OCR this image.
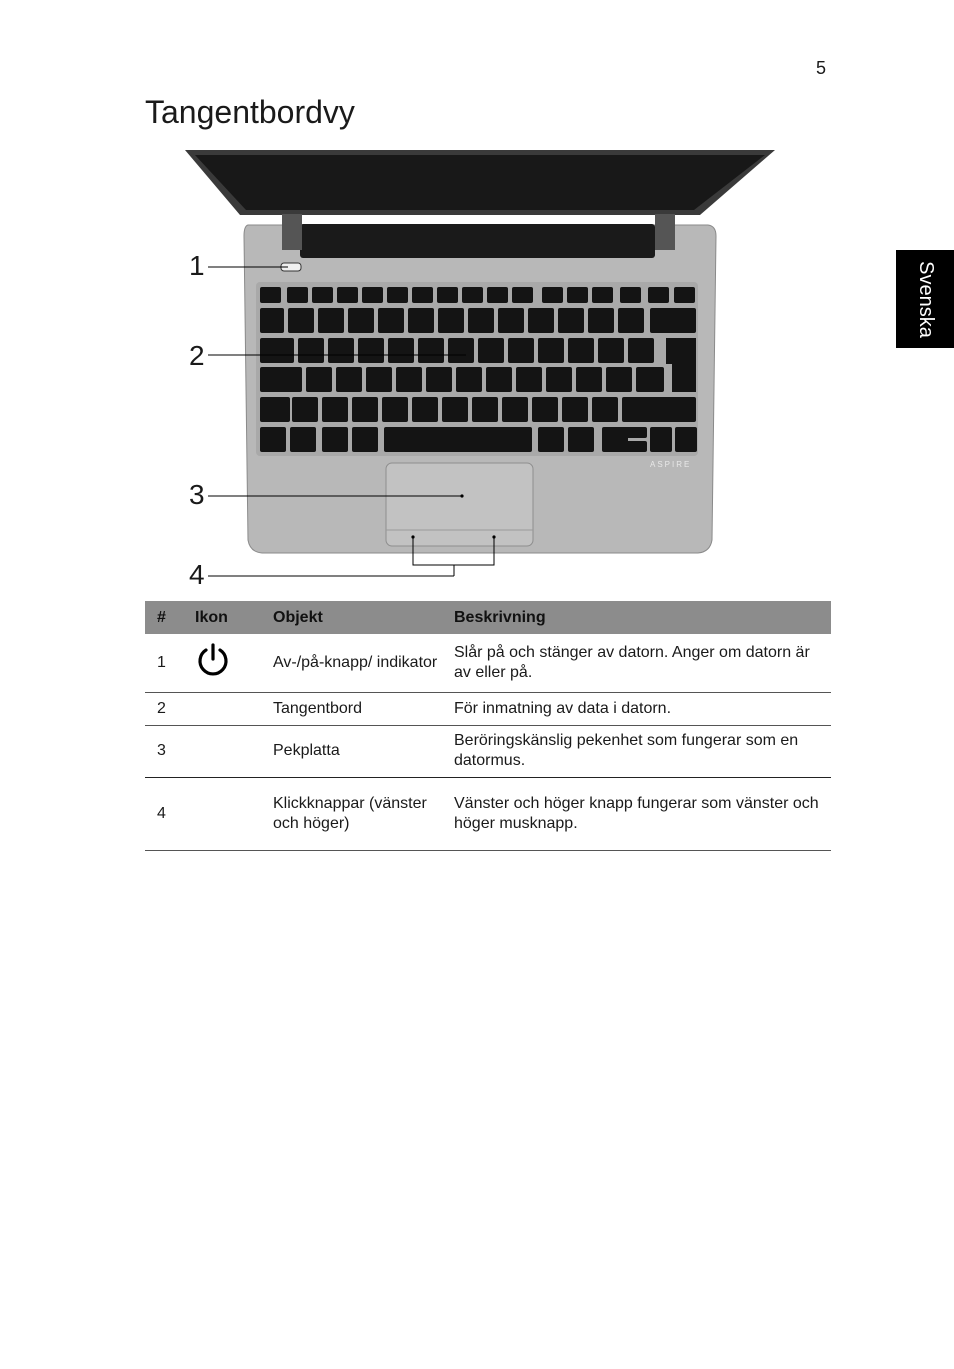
5
Tangentbordvy
Svenska
ASPIRE
1
2
3
4
#	Ikon	Objekt	Beskrivning
1		Av-/på-knapp/ indikator	Slår på och stänger av datorn. Anger om datorn är av eller på.
2		Tangentbord	För inmatning av data i datorn.
3		Pekplatta	Beröringskänslig pekenhet som fungerar som en datormus.
4		Klickknappar (vänster och höger)	Vänster och höger knapp fungerar som vänster och höger musknapp.
